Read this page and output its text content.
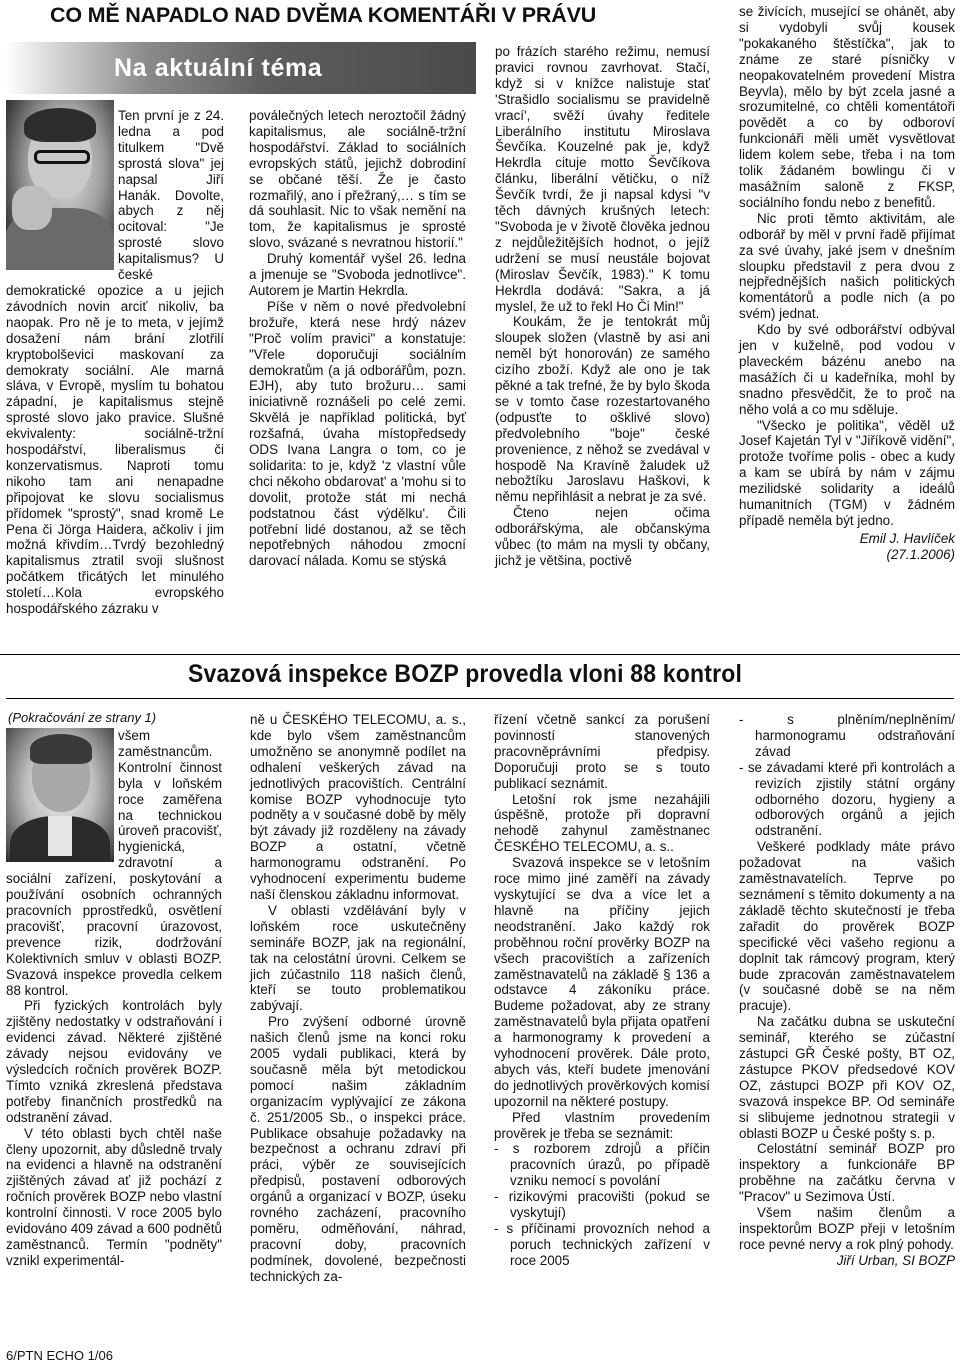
CO MĚ NAPADLO NAD DVĚMA KOMENTÁŘI V PRÁVU
Na aktuální téma

Ten první je z 24. ledna a pod titulkem "Dvě sprostá slova" jej napsal Jiří Hanák. Dovolte, abych z něj ocitoval: "Je sprosté slovo kapitalismus? U české demokratické opozice a u jejich závodních novin arciť nikoliv, ba naopak. Pro ně je to meta, v jejímž dosažení nám brání zlotřilí kryptobolševici maskovaní za demokraty sociální. Ale marná sláva, v Evropě, myslím tu bohatou západní, je kapitalismus stejně sprosté slovo jako pravice. Slušné ekvivalenty: sociálně-tržní hospodářství, liberalismus či konzervatismus. Naproti tomu nikoho tam ani nenapadne připojovat ke slovu socialismus přídomek "sprostý", snad kromě Le Pena či Jörga Haidera, ačkoliv i jim možná křivdím…Tvrdý bezohledný kapitalismus ztratil svoji slušnost počátkem třicátých let minulého století…Kola evropského hospodářského zázraku v

poválečných letech neroztočil žádný kapitalismus, ale sociálně-tržní hospodářství. Základ to sociálních evropských států, jejichž dobrodiní se občané těší. Že je často rozmařilý, ano i přežraný,… s tím se dá souhlasit. Nic to však nemění na tom, že kapitalismus je sprosté slovo, svázané s nevratnou historií."

Druhý komentář vyšel 26. ledna a jmenuje se "Svoboda jednotlivce". Autorem je Martin Hekrdla.

Píše v něm o nové předvolební brožuře, která nese hrdý název "Proč volím pravici" a konstatuje: "Vřele doporučuji sociálním demokratům (a já odborářům, pozn. EJH), aby tuto brožuru… sami iniciativně roznášeli po celé zemi. Skvělá je například politická, byť rozšafná, úvaha místopředsedy ODS Ivana Langra o tom, co je solidarita: to je, když 'z vlastní vůle chci někoho obdarovat' a 'mohu si to dovolit, protože stát mi nechá podstatnou část výdělku'. Čili potřební lidé dostanou, až se těch nepotřebných náhodou zmocní darovací nálada. Komu se stýská

po frázích starého režimu, nemusí pravici rovnou zavrhovat. Stačí, když si v knížce nalistuje stať 'Strašidlo socialismu se pravidelně vrací', svěží úvahy ředitele Liberálního institutu Miroslava Ševčíka. Kouzelné pak je, když Hekrdla cituje motto Ševčíkova článku, liberální větičku, o níž Ševčík tvrdí, že ji napsal kdysi "v těch dávných krušných letech: "Svoboda je v životě člověka jednou z nejdůležitějších hodnot, o jejíž udržení se musí neustále bojovat (Miroslav Ševčík, 1983)." K tomu Hekrdla dodává: "Sakra, a já myslel, že už to řekl Ho Či Min!"

Koukám, že je tentokrát můj sloupek složen (vlastně by asi ani neměl být honorován) ze samého cizího zboží. Když ale ono je tak pěkné a tak trefné, že by bylo škoda se v tomto čase rozestartovaného (odpusťte to ošklivé slovo) předvolebního "boje" české provenience, z něhož se zvedával v hospodě Na Kravíně žaludek už nebožtíku Jaroslavu Haškovi, k němu nepřihlásit a nebrat je za své.

Čteno nejen očima odborářskýma, ale občanskýma vůbec (to mám na mysli ty občany, jichž je většina, poctivě

se živících, musející se ohánět, aby si vydobyli svůj kousek "pokakaného štěstíčka", jak to známe ze staré písničky v neopakovatelném provedení Mistra Beyvla), mělo by být zcela jasné a srozumitelné, co chtěli komentátoři povědět a co by odboroví funkcionáři měli umět vysvětlovat lidem kolem sebe, třeba i na tom tolik žádaném bowlingu či v masážním saloně z FKSP, sociálního fondu nebo z benefitů.

Nic proti těmto aktivitám, ale odborář by měl v první řadě přijímat za své úvahy, jaké jsem v dnešním sloupku představil z pera dvou z nejpřednějších našich politických komentátorů a podle nich (a po svém) jednat.

Kdo by své odborářství odbýval jen v kuželně, pod vodou v plaveckém bázénu anebo na masážích či u kadeřníka, mohl by snadno přesvědčit, že to proč na něho volá a co mu sděluje.

"Všecko je politika", věděl už Josef Kajetán Tyl v "Jiříkově vidění", protože tvoříme polis - obec a kudy a kam se ubírá by nám v zájmu mezilidské solidarity a ideálů humanitních (TGM) v žádném případě neměla být jedno.

Emil J. Havlíček

(27.1.2006)

Svazová inspekce BOZP provedla vloni 88 kontrol
(Pokračování ze strany 1)

všem zaměstnancům. Kontrolní činnost byla v loňském roce zaměřena na technickou úroveň pracovišť, hygienická, zdravotní a sociální zařízení, poskytování a používání osobních ochranných pracovních pprostředků, osvětlení pracovišť, pracovní úrazovost, prevence rizik, dodržování Kolektivních smluv v oblasti BOZP. Svazová inspekce provedla celkem 88 kontrol.

Při fyzických kontrolách byly zjištěny nedostatky v odstraňování i evidenci závad. Některé zjištěné závady nejsou evidovány ve výsledcích ročních prověrek BOZP. Tímto vzniká zkreslená představa potřeby finančních prostředků na odstranění závad.

V této oblasti bych chtěl naše členy upozornit, aby důsledně trvaly na evidenci a hlavně na odstranění zjištěných závad ať již pochází z ročních prověrek BOZP nebo vlastní kontrolní činnosti. V roce 2005 bylo evidováno 409 závad a 600 podnětů zaměstnanců. Termín "podněty" vznikl experimentál-

ně u ČESKÉHO TELECOMU, a. s., kde bylo všem zaměstnancům umožněno se anonymně podílet na odhalení veškerých závad na jednotlivých pracovištích. Centrální komise BOZP vyhodnocuje tyto podněty a v současné době by měly být závady již rozděleny na závady BOZP a ostatní, včetně harmonogramu odstranění. Po vyhodnocení experimentu budeme naší členskou základnu informovat.

V oblasti vzdělávání byly v loňském roce uskutečněny semináře BOZP, jak na regionální, tak na celostátní úrovni. Celkem se jich zúčastnilo 118 našich členů, kteří se touto problematikou zabývají.

Pro zvýšení odborné úrovně našich členů jsme na konci roku 2005 vydali publikaci, která by současně měla být metodickou pomocí našim základním organizacím vyplývající ze zákona č. 251/2005 Sb., o inspekci práce. Publikace obsahuje požadavky na bezpečnost a ochranu zdraví při práci, výběr ze souvisejících předpisů, postavení odborových orgánů a organizací v BOZP, úseku rovného zacházení, pracovního poměru, odměňování, náhrad, pracovní doby, pracovních podmínek, dovolené, bezpečnosti technických za-

řízení včetně sankcí za porušení povinností stanovených pracovněprávními předpisy. Doporučuji proto se s touto publikací seznámit.

Letošní rok jsme nezahájili úspěšně, protože při dopravní nehodě zahynul zaměstnanec ČESKÉHO TELECOMU, a. s..

Svazová inspekce se v letošním roce mimo jiné zaměří na závady vyskytující se dva a více let a hlavně na příčiny jejich neodstranění. Jako každý rok proběhnou roční prověrky BOZP na všech pracovištích a zařízeních zaměstnavatelů na základě § 136 a odstavce 4 zákoníku práce. Budeme požadovat, aby ze strany zaměstnavatelů byla přijata opatření a harmonogramy k provedení a vyhodnocení prověrek. Dále proto, abych vás, kteří budete jmenování do jednotlivých prověrkových komisí upozornil na některé postupy.

Před vlastním provedením prověrek je třeba se seznámit:

- s rozborem zdrojů a příčin pracovních úrazů, po případě vzniku nemocí s povolání
- rizikovými pracovišti (pokud se vyskytují)
- s příčinami provozních nehod a poruch technických zařízení v roce 2005
- s plněním/neplněním/ harmonogramu odstraňování závad
- se závadami které při kontrolách a revizích zjistily státní orgány odborného dozoru, hygieny a odborových orgánů a jejich odstranění.

Veškeré podklady máte právo požadovat na vašich zaměstnavatelích. Teprve po seznámení s těmito dokumenty a na základě těchto skutečností je třeba zařadit do prověrek BOZP specifické věci vašeho regionu a doplnit tak rámcový program, který bude zpracován zaměstnavatelem (v současné době se na něm pracuje).

Na začátku dubna se uskuteční seminář, kterého se zúčastní zástupci GŘ České pošty, BT OZ, zástupce PKOV předsedové KOV OZ, zástupci BOZP při KOV OZ, svazová inspekce BP. Od semináře si slibujeme jednotnou strategii v oblasti BOZP u České pošty s. p.

Celostátní seminář BOZP pro inspektory a funkcionáře BP proběhne na začátku června v "Pracov" u Sezimova Ústí.

Všem našim členům a inspektorům BOZP přeji v letošním roce pevné nervy a rok plný pohody.

Jiří Urban, SI BOZP

6/PTN ECHO 1/06
